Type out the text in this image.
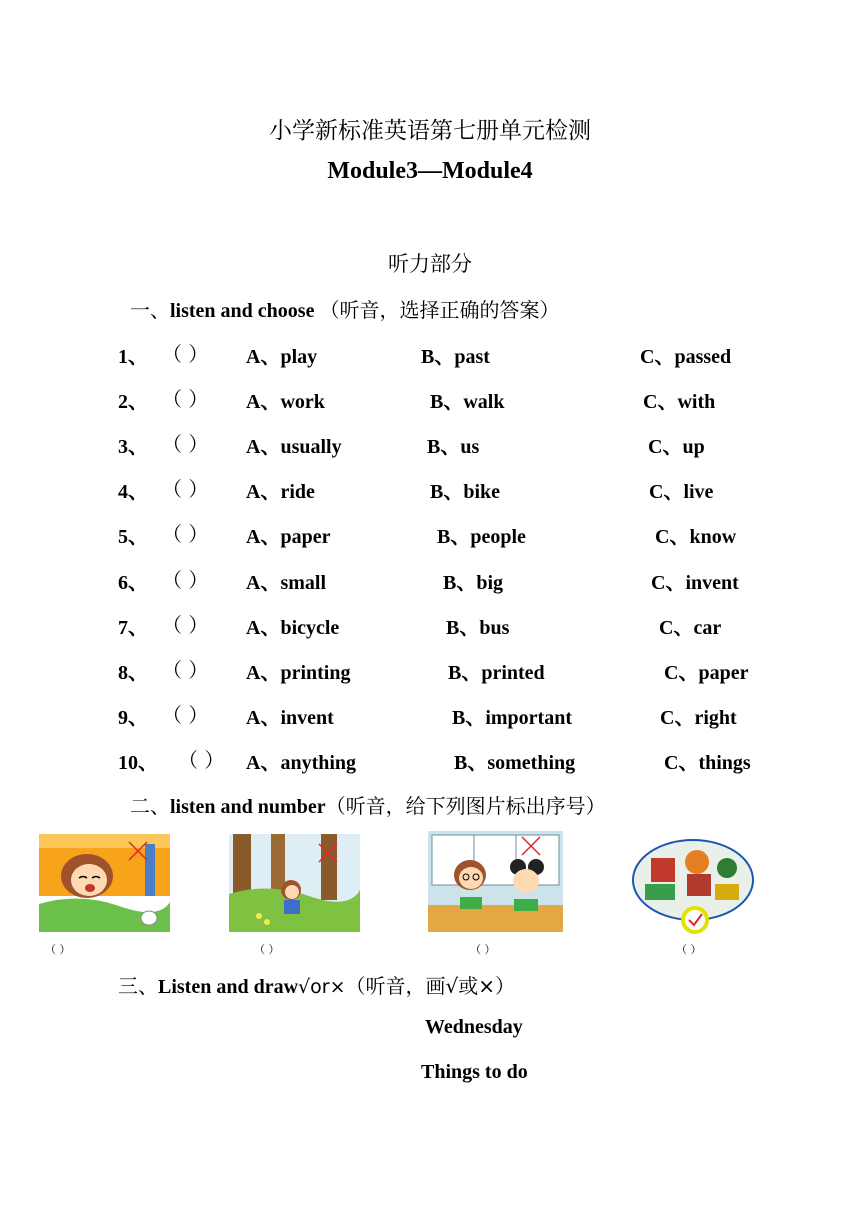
小学新标准英语第七册单元检测
Module3—Module4
听力部分
一、listen and choose （听音，选择正确的答案）
1、 （ ） A、play	B、past	C、passed
2、 （ ） A、work	B、walk	C、with
3、 （ ） A、usually	B、us	C、up
4、 （ ） A、ride	B、bike	C、live
5、 （ ） A、paper	B、people	C、know
6、 （ ） A、small	B、big	C、invent
7、 （ ） A、bicycle	B、bus	C、car
8、 （ ） A、printing	B、printed	C、paper
9、 （ ） A、invent	B、important	C、right
10、 （ ） A、anything	B、something	C、things
二、listen and number（听音，给下列图片标出序号）
（ ）	（ ）	（ ）	（ ）
三、Listen and draw√or×（听音，画√或×）
Wednesday
Things to do
